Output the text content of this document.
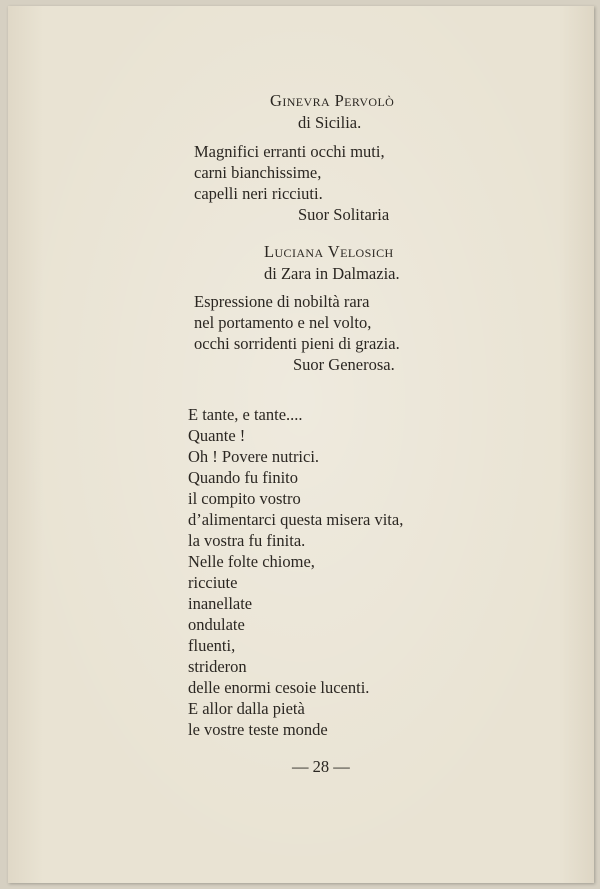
Ginevra Pervolò
di Sicilia.
Magnifici erranti occhi muti,
carni bianchissime,
capelli neri ricciuti.
Suor Solitaria
Luciana Velosich
di Zara in Dalmazia.
Espressione di nobiltà rara
nel portamento e nel volto,
occhi sorridenti pieni di grazia.
Suor Generosa.
E tante, e tante....
Quante !
Oh ! Povere nutrici.
Quando fu finito
il compito vostro
d’alimentarci questa misera vita,
la vostra fu finita.
Nelle folte chiome,
ricciute
inanellate
ondulate
fluenti,
strideron
delle enormi cesoie lucenti.
E allor dalla pietà
le vostre teste monde
— 28 —
